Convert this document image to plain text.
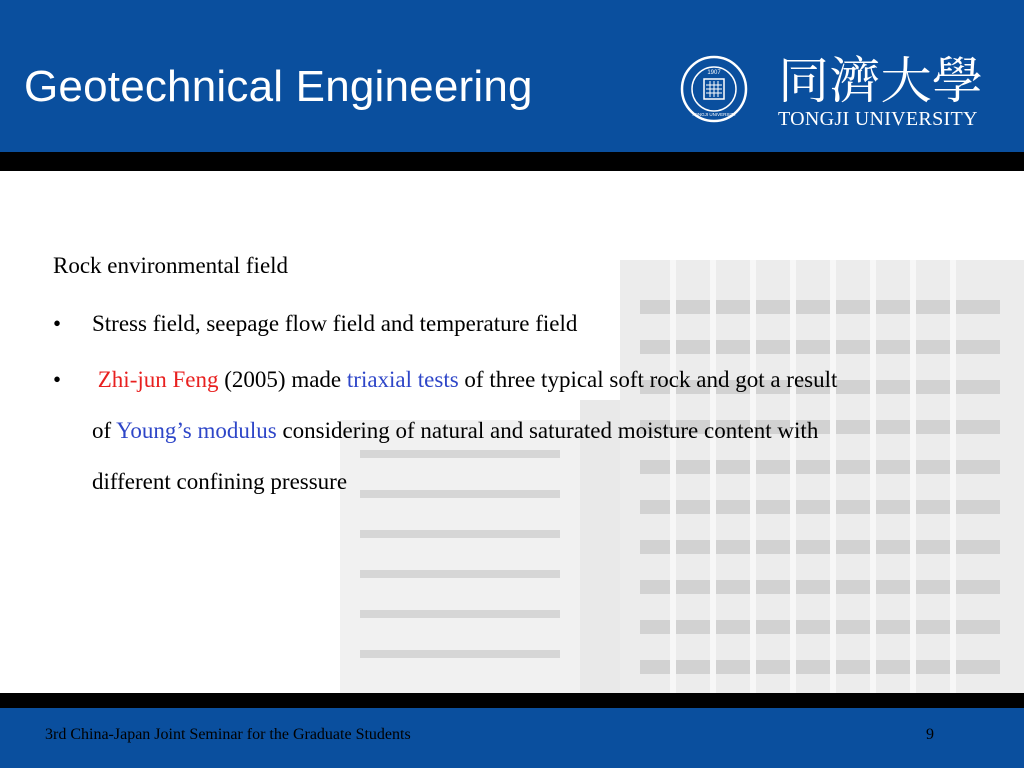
Geotechnical Engineering	1907
TONGJI UNIVERSITY
同濟大學
TONGJI UNIVERSITY

Rock environmental field

• Stress field, seepage flow field and temperature field

• Zhi-jun Feng (2005) made triaxial tests of three typical soft rock and got a result
of Young’s modulus considering of natural and saturated moisture content with
different confining pressure
3rd China-Japan Joint Seminar for the Graduate Students	9
